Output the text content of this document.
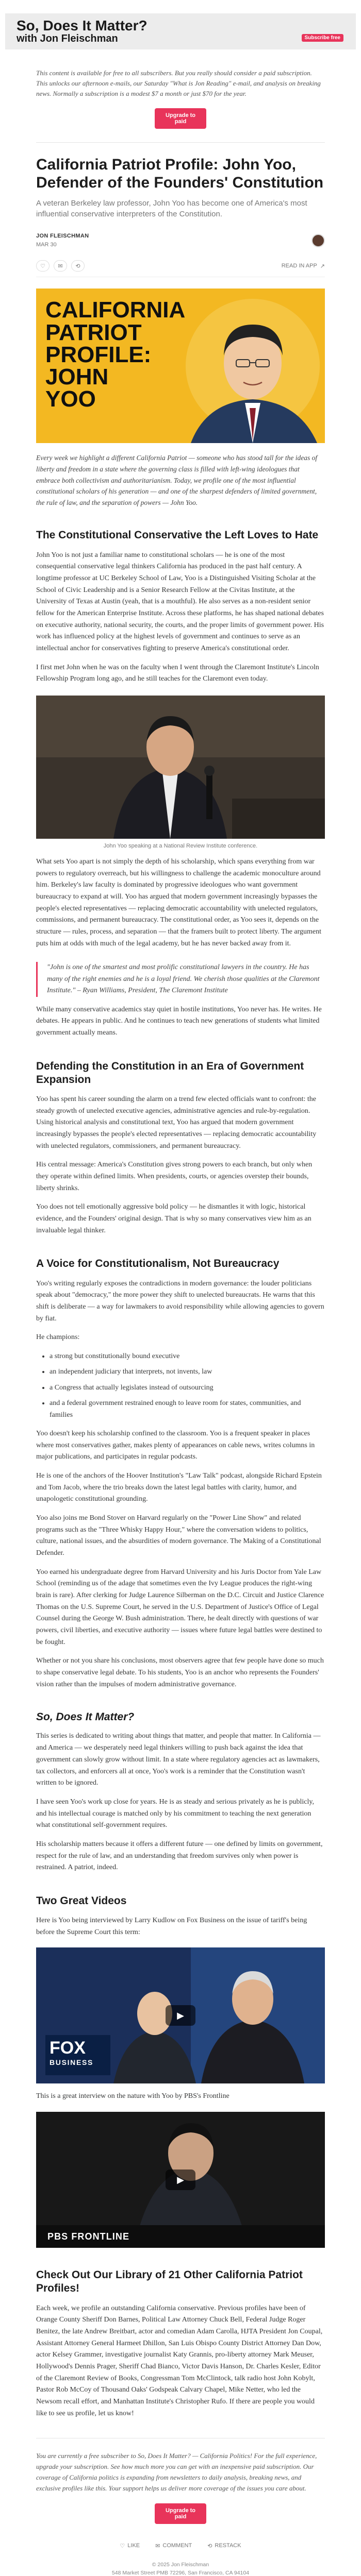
So, Does It Matter?
with Jon Fleischman	Subscribe free

This content is available for free to all subscribers. But you really should consider a paid subscription. This unlocks our afternoon e-mails, our Saturday "What is Jon Reading" e-mail, and analysis on breaking news. Normally a subscription is a modest $7 a month or just $70 for the year.

Upgrade to paid
California Patriot Profile: John Yoo, Defender of the Founders' Constitution

A veteran Berkeley law professor, John Yoo has become one of America's most influential conservative interpreters of the Constitution.

JON FLEISCHMAN
MAR 30
♡	✉	⟲	READ IN APP ↗
CALIFORNIA
PATRIOT
PROFILE:
JOHN
YOO

Every week we highlight a different California Patriot — someone who has stood tall for the ideas of liberty and freedom in a state where the governing class is filled with left-wing ideologues that embrace both collectivism and authoritarianism. Today, we profile one of the most influential constitutional scholars of his generation — and one of the sharpest defenders of limited government, the rule of law, and the separation of powers — John Yoo.

The Constitutional Conservative the Left Loves to Hate

John Yoo is not just a familiar name to constitutional scholars — he is one of the most consequential conservative legal thinkers California has produced in the past half century. A longtime professor at UC Berkeley School of Law, Yoo is a Distinguished Visiting Scholar at the School of Civic Leadership and is a Senior Research Fellow at the Civitas Institute, at the University of Texas at Austin (yeah, that is a mouthful). He also serves as a non-resident senior fellow for the American Enterprise Institute. Across these platforms, he has shaped national debates on executive authority, national security, the courts, and the proper limits of government power. His work has influenced policy at the highest levels of government and continues to serve as an intellectual anchor for conservatives fighting to preserve America's constitutional order.

I first met John when he was on the faculty when I went through the Claremont Institute's Lincoln Fellowship Program long ago, and he still teaches for the Claremont even today.

John Yoo speaking at a National Review Institute conference.

What sets Yoo apart is not simply the depth of his scholarship, which spans everything from war powers to regulatory overreach, but his willingness to challenge the academic monoculture around him. Berkeley's law faculty is dominated by progressive ideologues who want government bureaucracy to expand at will. Yoo has argued that modern government increasingly bypasses the people's elected representatives — replacing democratic accountability with unelected regulators, commissions, and permanent bureaucracy. The constitutional order, as Yoo sees it, depends on the structure — rules, process, and separation — that the framers built to protect liberty. The argument puts him at odds with much of the legal academy, but he has never backed away from it.

"John is one of the smartest and most prolific constitutional lawyers in the country. He has many of the right enemies and he is a loyal friend. We cherish those qualities at the Claremont Institute." – Ryan Williams, President, The Claremont Institute

While many conservative academics stay quiet in hostile institutions, Yoo never has. He writes. He debates. He appears in public. And he continues to teach new generations of students what limited government actually means.

Defending the Constitution in an Era of Government Expansion

Yoo has spent his career sounding the alarm on a trend few elected officials want to confront: the steady growth of unelected executive agencies, administrative agencies and rule-by-regulation. Using historical analysis and constitutional text, Yoo has argued that modern government increasingly bypasses the people's elected representatives — replacing democratic accountability with unelected regulators, commissioners, and permanent bureaucracy.

His central message: America's Constitution gives strong powers to each branch, but only when they operate within defined limits. When presidents, courts, or agencies overstep their bounds, liberty shrinks.

Yoo does not tell emotionally aggressive bold policy — he dismantles it with logic, historical evidence, and the Founders' original design. That is why so many conservatives view him as an invaluable legal thinker.

A Voice for Constitutionalism, Not Bureaucracy

Yoo's writing regularly exposes the contradictions in modern governance: the louder politicians speak about "democracy," the more power they shift to unelected bureaucrats. He warns that this shift is deliberate — a way for lawmakers to avoid responsibility while allowing agencies to govern by fiat.

He champions:

• a strong but constitutionally bound executive
• an independent judiciary that interprets, not invents, law
• a Congress that actually legislates instead of outsourcing
• and a federal government restrained enough to leave room for states, communities, and families

Yoo doesn't keep his scholarship confined to the classroom. Yoo is a frequent speaker in places where most conservatives gather, makes plenty of appearances on cable news, writes columns in major publications, and participates in regular podcasts.

He is one of the anchors of the Hoover Institution's "Law Talk" podcast, alongside Richard Epstein and Tom Jacob, where the trio breaks down the latest legal battles with clarity, humor, and unapologetic constitutional grounding.

Yoo also joins me Bond Stover on Harvard regularly on the "Power Line Show" and related programs such as the "Three Whisky Happy Hour," where the conversation widens to politics, culture, national issues, and the absurdities of modern governance. The Making of a Constitutional Defender.

Yoo earned his undergraduate degree from Harvard University and his Juris Doctor from Yale Law School (reminding us of the adage that sometimes even the Ivy League produces the right-wing brain is rare). After clerking for Judge Laurence Silberman on the D.C. Circuit and Justice Clarence Thomas on the U.S. Supreme Court, he served in the U.S. Department of Justice's Office of Legal Counsel during the George W. Bush administration. There, he dealt directly with questions of war powers, civil liberties, and executive authority — issues where future legal battles were destined to be fought.

Whether or not you share his conclusions, most observers agree that few people have done so much to shape conservative legal debate. To his students, Yoo is an anchor who represents the Founders' vision rather than the impulses of modern administrative governance.

So, Does It Matter?

This series is dedicated to writing about things that matter, and people that matter. In California — and America — we desperately need legal thinkers willing to push back against the idea that government can slowly grow without limit. In a state where regulatory agencies act as lawmakers, tax collectors, and enforcers all at once, Yoo's work is a reminder that the Constitution wasn't written to be ignored.

I have seen Yoo's work up close for years. He is as steady and serious privately as he is publicly, and his intellectual courage is matched only by his commitment to teaching the next generation what constitutional self-government requires.

His scholarship matters because it offers a different future — one defined by limits on government, respect for the rule of law, and an understanding that freedom survives only when power is restrained. A patriot, indeed.

Two Great Videos

Here is Yoo being interviewed by Larry Kudlow on Fox Business on the issue of tariff's being before the Supreme Court this term:

FOX
BUSINESS
▶

This is a great interview on the nature with Yoo by PBS's Frontline

PBS FRONTLINE
▶
Check Out Our Library of 21 Other California Patriot Profiles!

Each week, we profile an outstanding California conservative. Previous profiles have been of Orange County Sheriff Don Barnes, Political Law Attorney Chuck Bell, Federal Judge Roger Benitez, the late Andrew Breitbart, actor and comedian Adam Carolla, HJTA President Jon Coupal, Assistant Attorney General Harmeet Dhillon, San Luis Obispo County District Attorney Dan Dow, actor Kelsey Grammer, investigative journalist Katy Grannis, pro-liberty attorney Mark Meuser, Hollywood's Dennis Prager, Sheriff Chad Bianco, Victor Davis Hanson, Dr. Charles Kesler, Editor of the Claremont Review of Books, Congressman Tom McClintock, talk radio host John Kobylt, Pastor Rob McCoy of Thousand Oaks' Godspeak Calvary Chapel, Mike Netter, who led the Newsom recall effort, and Manhattan Institute's Christopher Rufo. If there are people you would like to see us profile, let us know!

You are currently a free subscriber to So, Does It Matter? — California Politics! For the full experience, upgrade your subscription. See how much more you can get with an inexpensive paid subscription. Our coverage of California politics is expanding from newsletters to daily analysis, breaking news, and exclusive profiles like this. Your support helps us deliver more coverage of the issues you care about.

Upgrade to paid
♡ LIKE	✉ COMMENT	⟲ RESTACK
© 2025 Jon Fleischman
548 Market Street PMB 72296, San Francisco, CA 94104
